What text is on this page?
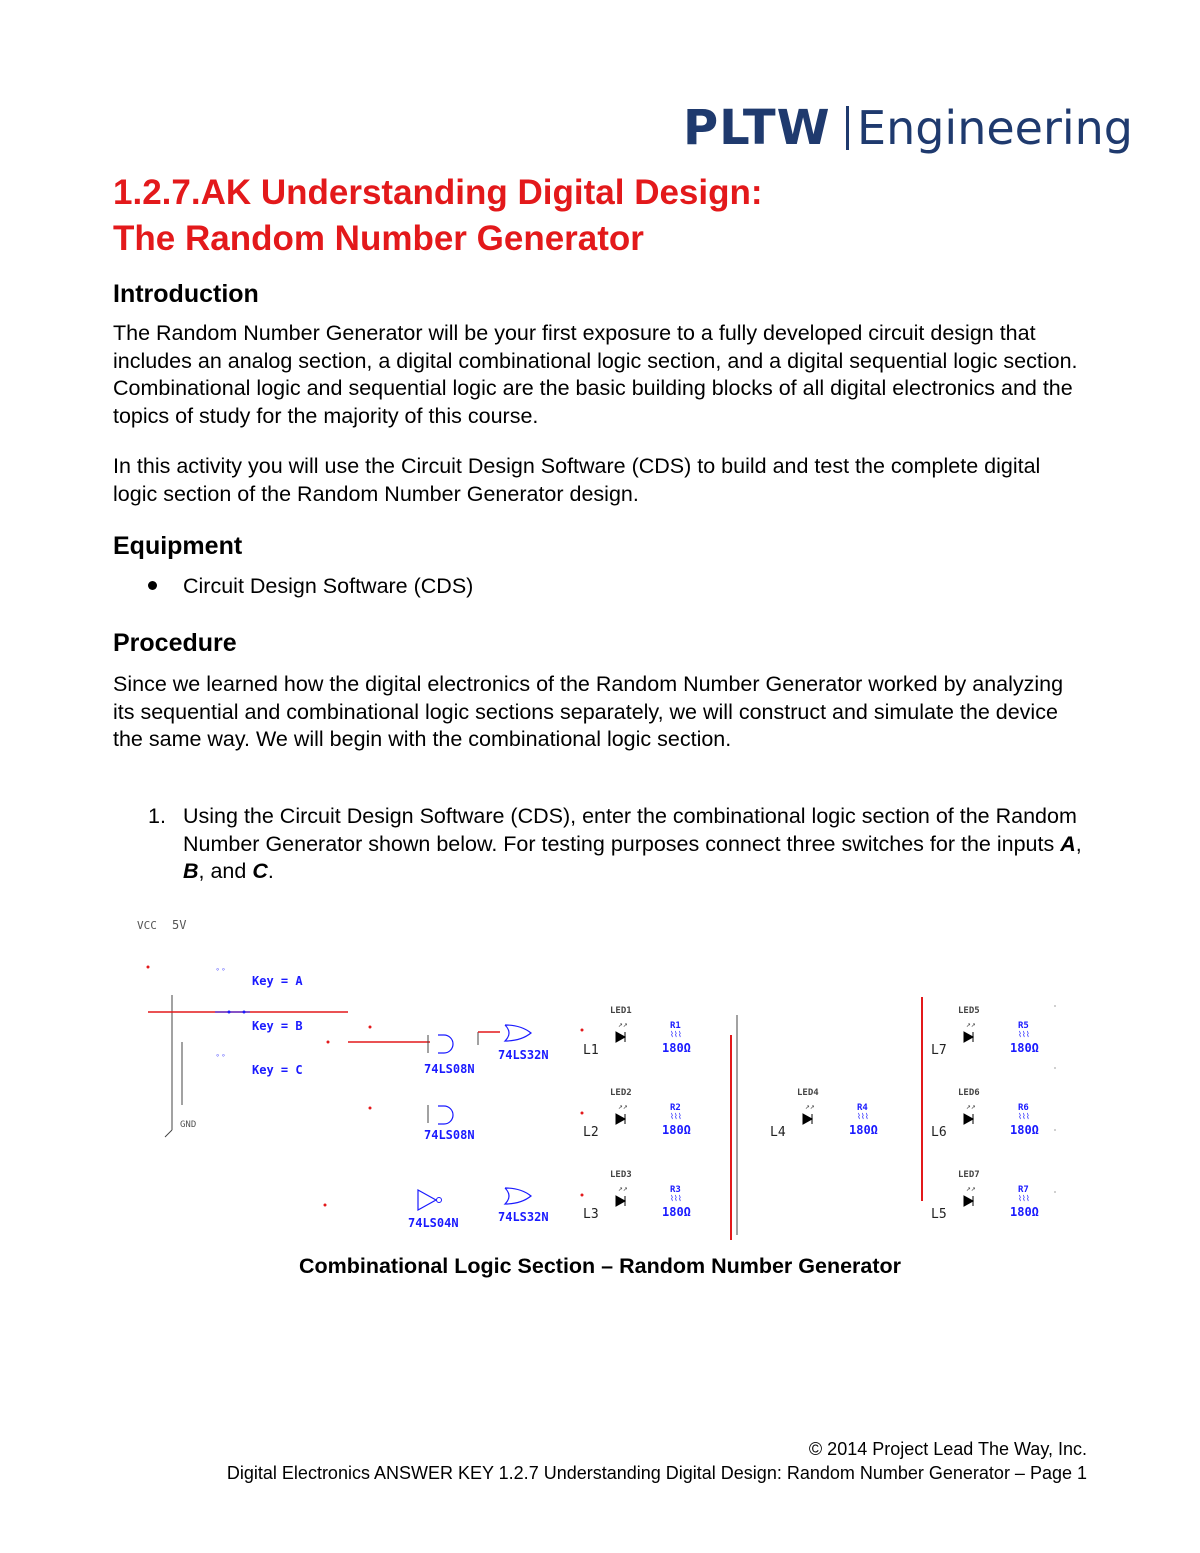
PLTW Engineering
1.2.7.AK Understanding Digital Design:
The Random Number Generator
Introduction

The Random Number Generator will be your first exposure to a fully developed circuit design that includes an analog section, a digital combinational logic section, and a digital sequential logic section. Combinational logic and sequential logic are the basic building blocks of all digital electronics and the topics of study for the majority of this course.

In this activity you will use the Circuit Design Software (CDS) to build and test the complete digital logic section of the Random Number Generator design.

Equipment
Circuit Design Software (CDS)
Procedure

Since we learned how the digital electronics of the Random Number Generator worked by analyzing its sequential and combinational logic sections separately, we will construct and simulate the device the same way. We will begin with the combinational logic section.

1. Using the Circuit Design Software (CDS), enter the combinational logic section of the Random Number Generator shown below. For testing purposes connect three switches for the inputs A, B, and C.
VCC 5V
GND
Key = A
Key = B
Key = C
◦ ◦
◦ ◦
74LS08N
74LS32N
74LS08N
74LS04N	74LS32N
L1
LED1
↗↗	R1
⌇⌇⌇
180Ω
L2
LED2
↗↗	R2
⌇⌇⌇
180Ω
L3
LED3
↗↗	R3
⌇⌇⌇
180Ω
L4
LED4
↗↗	R4
⌇⌇⌇
180Ω
L7
LED5
↗↗	R5
⌇⌇⌇
180Ω
L6
LED6
↗↗	R6
⌇⌇⌇
180Ω
L5
LED7
↗↗	R7
⌇⌇⌇
180Ω
Combinational Logic Section – Random Number Generator
© 2014 Project Lead The Way, Inc.
Digital Electronics ANSWER KEY 1.2.7 Understanding Digital Design: Random Number Generator – Page 1
